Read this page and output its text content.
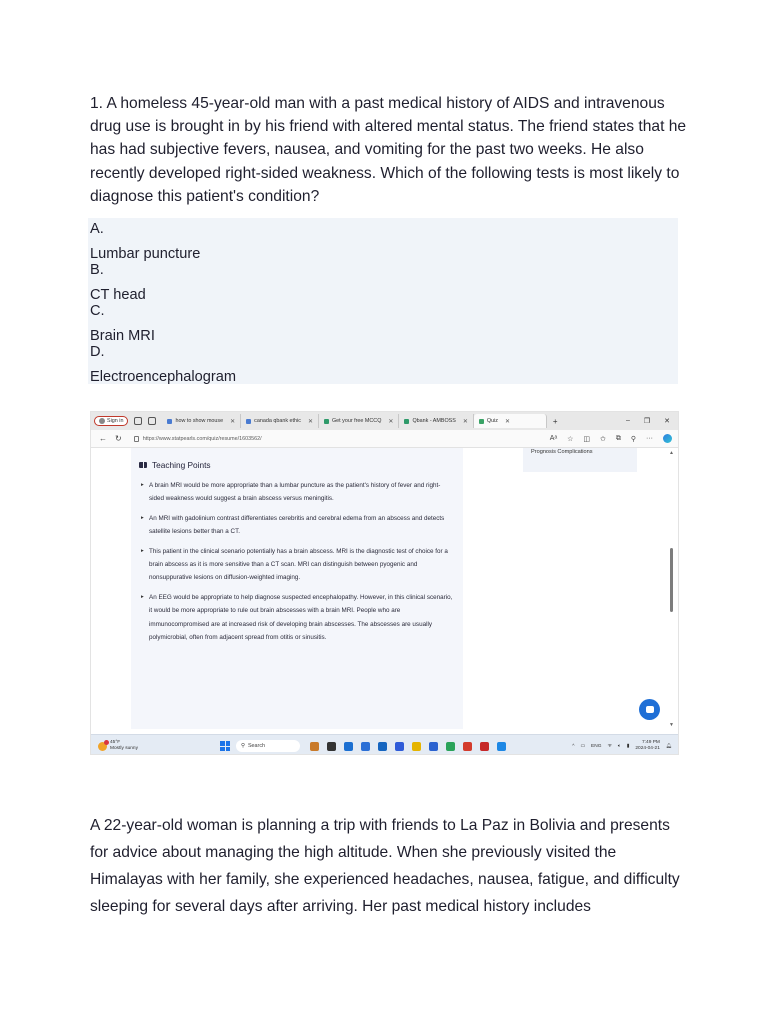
1. A homeless 45-year-old man with a past medical history of AIDS and intravenous drug use is brought in by his friend with altered mental status. The friend states that he has had subjective fevers, nausea, and vomiting for the past two weeks. He also recently developed right-sided weakness. Which of the following tests is most likely to diagnose this patient's condition?

A.
Lumbar puncture
B.
CT head
C.
Brain MRI
D.
Electroencephalogram
Sign in	how to show mouse ✕	canada qbank ethic ✕	Get your free MCCQ ✕	Qbank - AMBOSS ✕	Quiz ✕	+	– ❐ ✕
← ↻	https://www.statpearls.com/quiz/resume/1603562/	Aᵃ ☆ ◫ ✩ ⧉ ⚲ ···
Teaching Points
▸ A brain MRI would be more appropriate than a lumbar puncture as the patient's history of fever and right-sided weakness would suggest a brain abscess versus meningitis.
▸ An MRI with gadolinium contrast differentiates cerebritis and cerebral edema from an abscess and detects satellite lesions better than a CT.
▸ This patient in the clinical scenario potentially has a brain abscess. MRI is the diagnostic test of choice for a brain abscess as it is more sensitive than a CT scan. MRI can distinguish between pyogenic and nonsuppurative lesions on diffusion-weighted imaging.
▸ An EEG would be appropriate to help diagnose suspected encephalopathy. However, in this clinical scenario, it would be more appropriate to rule out brain abscesses with a brain MRI. People who are immunocompromised are at increased risk of developing brain abscesses. The abscesses are usually polymicrobial, often from adjacent spread from otitis or sinusitis.
Prognosis Complications	▲
▼
45°F
Mostly sunny	⚲ Search	^ ▭ ENG ᯤ 🔈︎ ▮
7:49 PM
2024-04-21 🔔︎

A 22-year-old woman is planning a trip with friends to La Paz in Bolivia and presents for advice about managing the high altitude. When she previously visited the Himalayas with her family, she experienced headaches, nausea, fatigue, and difficulty sleeping for several days after arriving. Her past medical history includes
